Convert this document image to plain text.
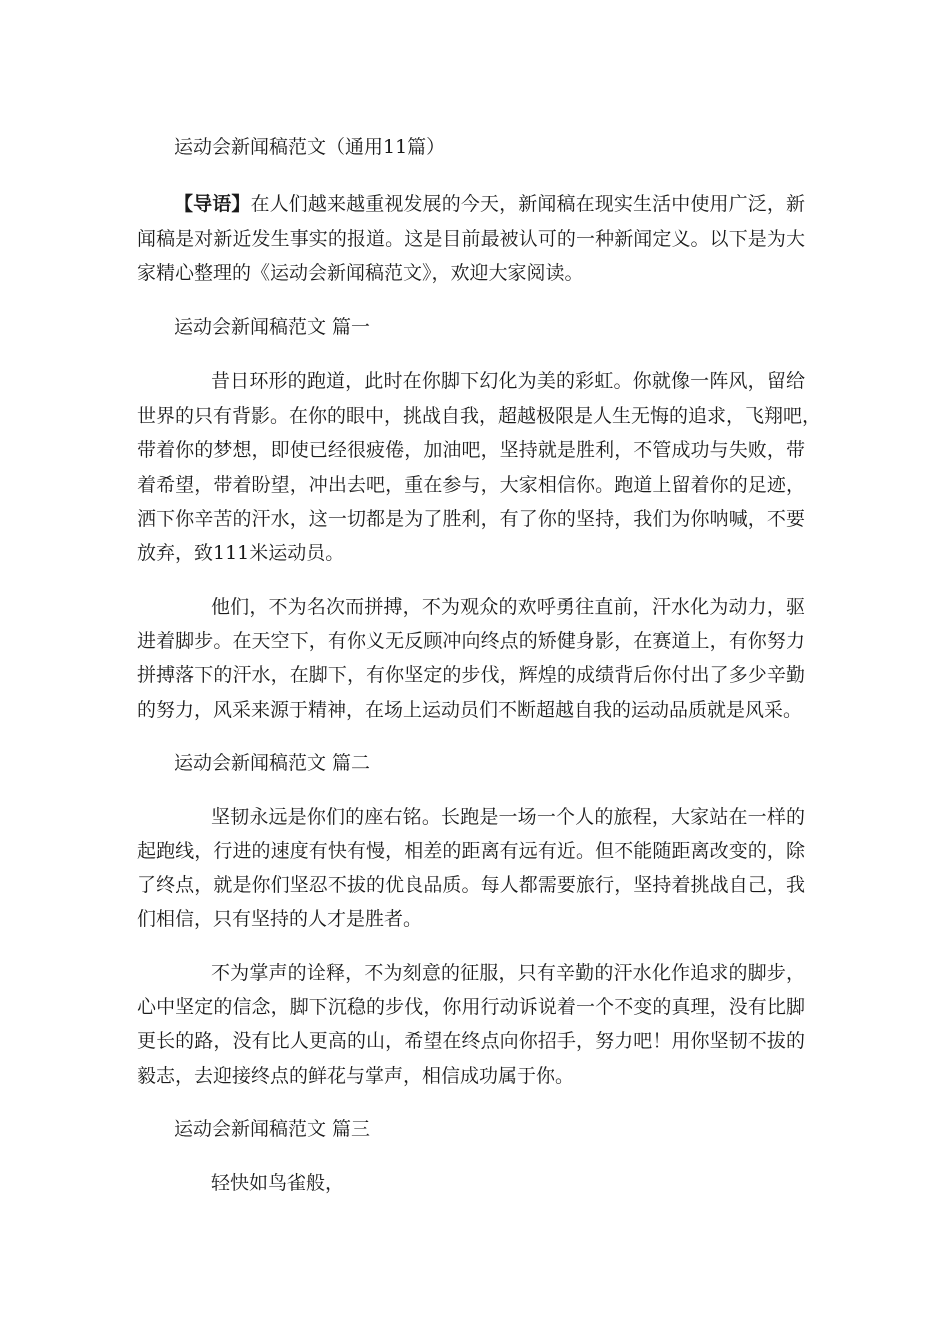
运动会新闻稿范文（通用11篇）

【导语】在人们越来越重视发展的今天，新闻稿在现实生活中使用广泛，新

闻稿是对新近发生事实的报道。这是目前最被认可的一种新闻定义。以下是为大

家精心整理的《运动会新闻稿范文》，欢迎大家阅读。

运动会新闻稿范文 篇一

昔日环形的跑道，此时在你脚下幻化为美的彩虹。你就像一阵风，留给

世界的只有背影。在你的眼中，挑战自我，超越极限是人生无悔的追求，飞翔吧，

带着你的梦想，即使已经很疲倦，加油吧，坚持就是胜利，不管成功与失败，带

着希望，带着盼望，冲出去吧，重在参与，大家相信你。跑道上留着你的足迹，

洒下你辛苦的汗水，这一切都是为了胜利，有了你的坚持，我们为你呐喊，不要

放弃，致111米运动员。

他们，不为名次而拼搏，不为观众的欢呼勇往直前，汗水化为动力，驱

进着脚步。在天空下，有你义无反顾冲向终点的矫健身影，在赛道上，有你努力

拼搏落下的汗水，在脚下，有你坚定的步伐，辉煌的成绩背后你付出了多少辛勤

的努力，风采来源于精神，在场上运动员们不断超越自我的运动品质就是风采。

运动会新闻稿范文 篇二

坚韧永远是你们的座右铭。长跑是一场一个人的旅程，大家站在一样的

起跑线，行进的速度有快有慢，相差的距离有远有近。但不能随距离改变的，除

了终点，就是你们坚忍不拔的优良品质。每人都需要旅行，坚持着挑战自己，我

们相信，只有坚持的人才是胜者。

不为掌声的诠释，不为刻意的征服，只有辛勤的汗水化作追求的脚步，

心中坚定的信念，脚下沉稳的步伐，你用行动诉说着一个不变的真理，没有比脚

更长的路，没有比人更高的山，希望在终点向你招手，努力吧！用你坚韧不拔的

毅志，去迎接终点的鲜花与掌声，相信成功属于你。

运动会新闻稿范文 篇三

轻快如鸟雀般，
